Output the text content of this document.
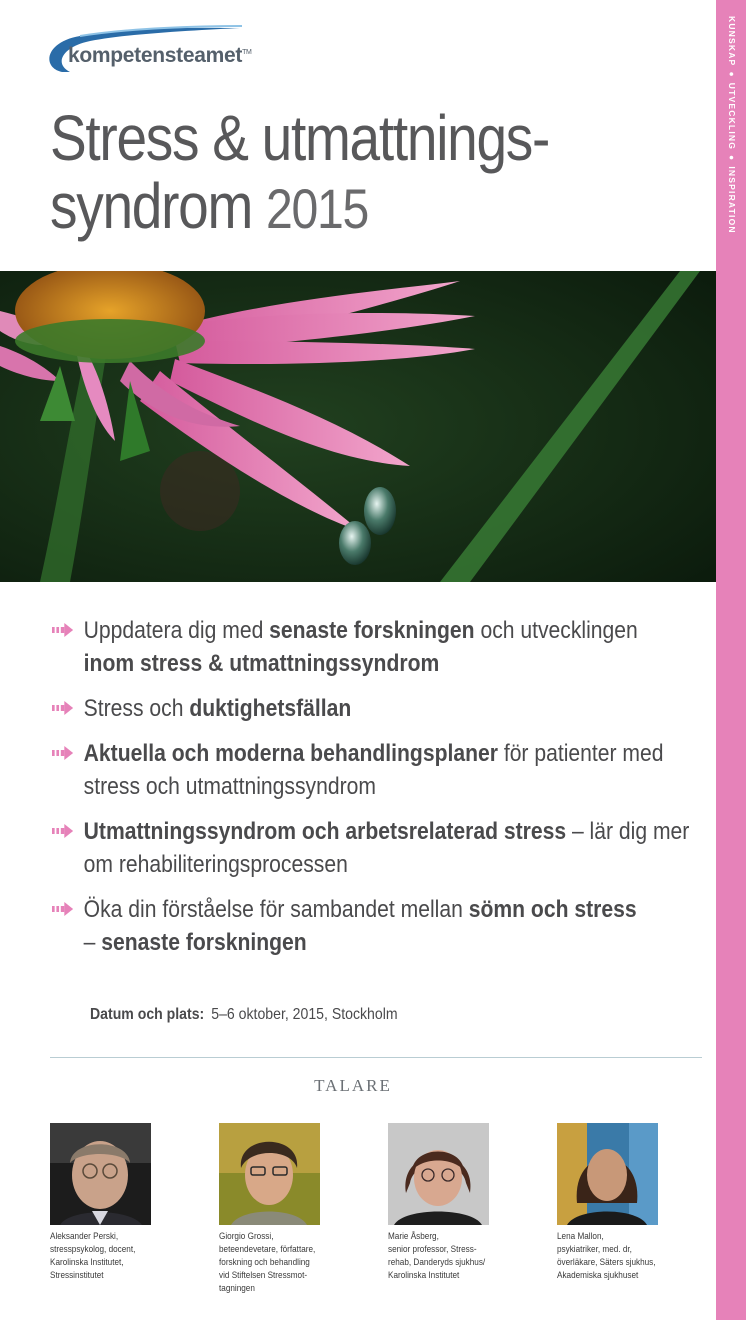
KUNSKAP●UTVECKLING●INSPIRATION
kompetensteamet™
Stress & utmattnings-
syndrom 2015
Uppdatera dig med senaste forskningen och utvecklingen
inom stress & utmattningssyndrom
Stress och duktighetsfällan
Aktuella och moderna behandlingsplaner för patienter med stress och utmattningssyndrom
Utmattningssyndrom och arbetsrelaterad stress – lär dig mer om rehabiliteringsprocessen
Öka din förståelse för sambandet mellan sömn och stress
– senaste forskningen
Datum och plats: 5–6 oktober, 2015, Stockholm
TALARE
Aleksander Perski,
stresspsykolog, docent,
Karolinska Institutet,
Stressinstitutet
Giorgio Grossi,
beteendevetare, författare,
forskning och behandling
vid Stiftelsen Stressmot-
tagningen
Marie Åsberg,
senior professor, Stress-
rehab, Danderyds sjukhus/
Karolinska Institutet
Lena Mallon,
psykiatriker, med. dr,
överläkare, Säters sjukhus,
Akademiska sjukhuset
